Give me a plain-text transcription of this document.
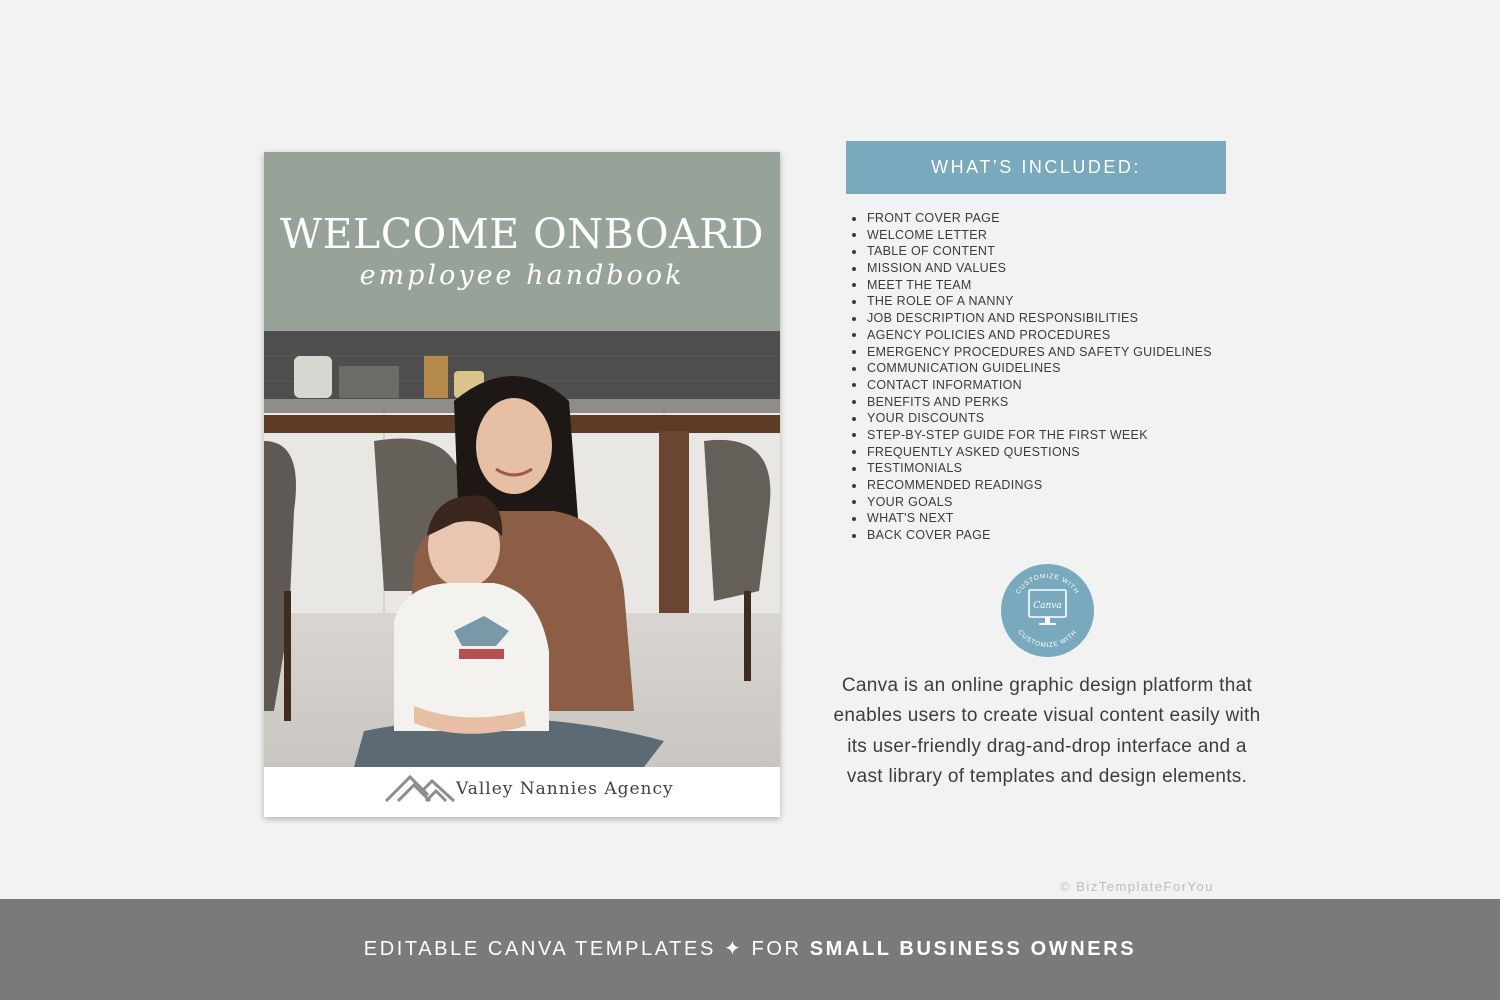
WELCOME ONBOARD
employee handbook
Valley Nannies Agency
WHAT’S INCLUDED:
FRONT COVER PAGE
WELCOME LETTER
TABLE OF CONTENT
MISSION AND VALUES
MEET THE TEAM
THE ROLE OF A NANNY
JOB DESCRIPTION AND RESPONSIBILITIES
AGENCY POLICIES AND PROCEDURES
EMERGENCY PROCEDURES AND SAFETY GUIDELINES
COMMUNICATION GUIDELINES
CONTACT INFORMATION
BENEFITS AND PERKS
YOUR DISCOUNTS
STEP-BY-STEP GUIDE FOR THE FIRST WEEK
FREQUENTLY ASKED QUESTIONS
TESTIMONIALS
RECOMMENDED READINGS
YOUR GOALS
WHAT'S NEXT
BACK COVER PAGE
CUSTOMIZE WITH
CUSTOMIZE WITH
Canva
Canva is an online graphic design platform that enables users to create visual content easily with its user-friendly drag-and-drop interface and a vast library of templates and design elements.
© BizTemplateForYou
EDITABLE CANVA TEMPLATES ✦ FOR SMALL BUSINESS OWNERS
